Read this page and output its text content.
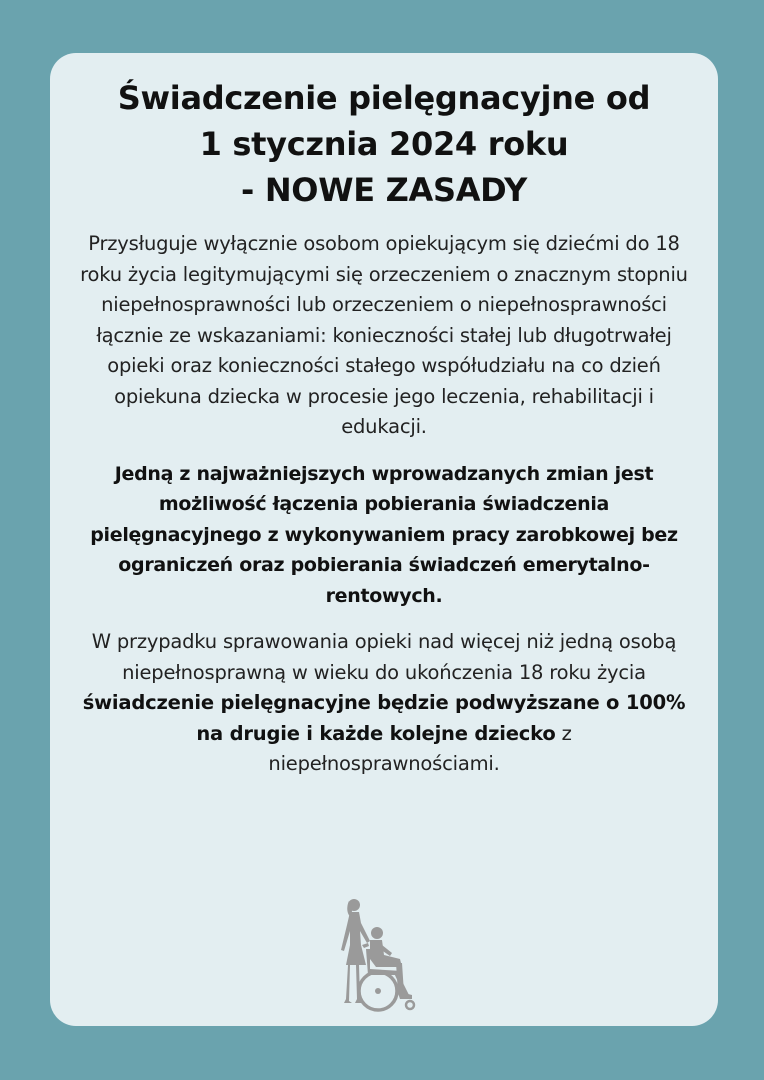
Świadczenie pielęgnacyjne od
1 stycznia 2024 roku
- NOWE ZASADY

Przysługuje wyłącznie osobom opiekującym się dziećmi do 18 roku życia legitymującymi się orzeczeniem o znacznym stopniu niepełnosprawności lub orzeczeniem o niepełnosprawności łącznie ze wskazaniami: konieczności stałej lub długotrwałej opieki oraz konieczności stałego współudziału na co dzień opiekuna dziecka w procesie jego leczenia, rehabilitacji i edukacji.

Jedną z najważniejszych wprowadzanych zmian jest możliwość łączenia pobierania świadczenia pielęgnacyjnego z wykonywaniem pracy zarobkowej bez ograniczeń oraz pobierania świadczeń emerytalno-rentowych.

W przypadku sprawowania opieki nad więcej niż jedną osobą niepełnosprawną w wieku do ukończenia 18 roku życia świadczenie pielęgnacyjne będzie podwyższane o 100% na drugie i każde kolejne dziecko z niepełnosprawnościami.
